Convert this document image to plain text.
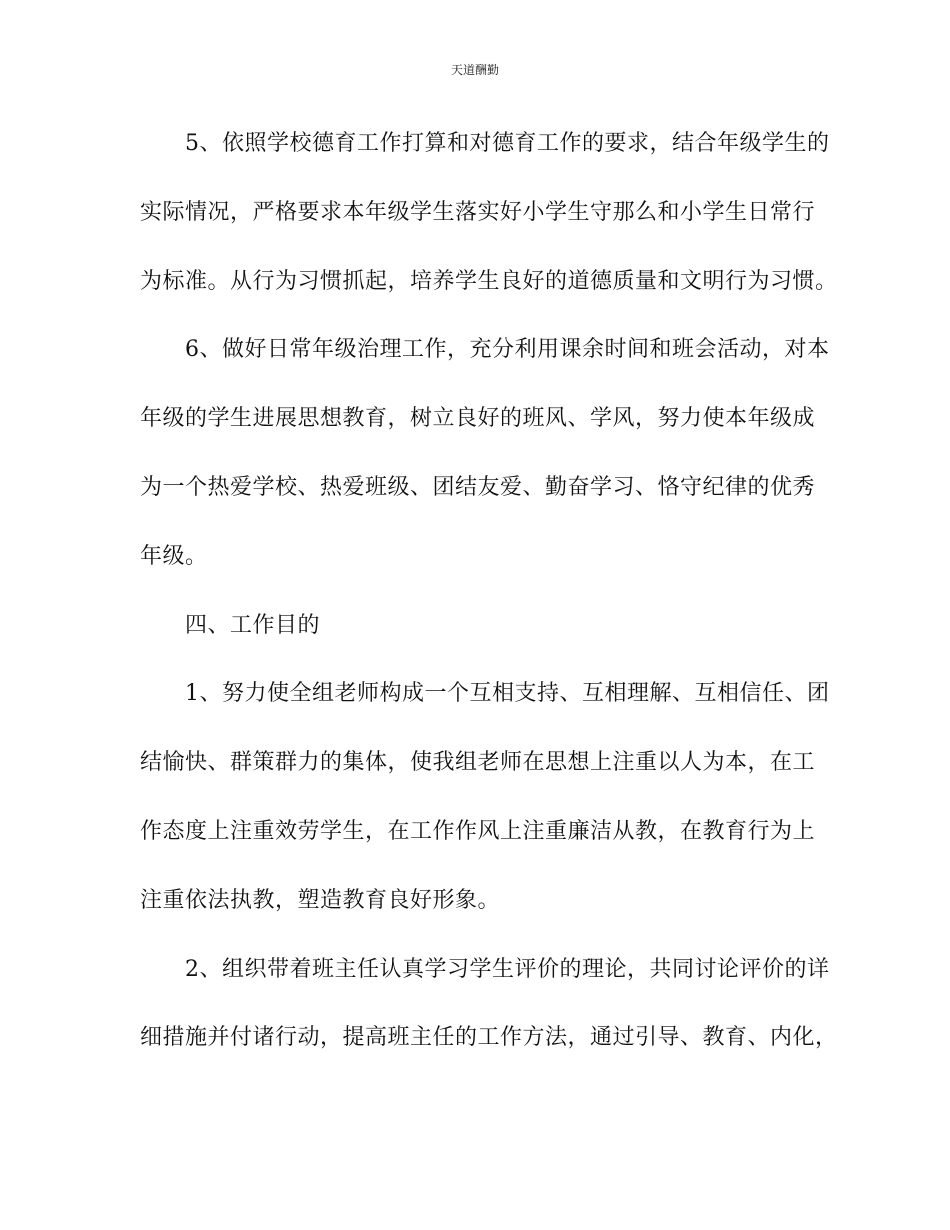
天道酬勤
5、依照学校德育工作打算和对德育工作的要求，结合年级学生的
实际情况，严格要求本年级学生落实好小学生守那么和小学生日常行
为标准。从行为习惯抓起，培养学生良好的道德质量和文明行为习惯。
6、做好日常年级治理工作，充分利用课余时间和班会活动，对本
年级的学生进展思想教育，树立良好的班风、学风，努力使本年级成
为一个热爱学校、热爱班级、团结友爱、勤奋学习、恪守纪律的优秀
年级。
四、工作目的
1、努力使全组老师构成一个互相支持、互相理解、互相信任、团
结愉快、群策群力的集体，使我组老师在思想上注重以人为本，在工
作态度上注重效劳学生，在工作作风上注重廉洁从教，在教育行为上
注重依法执教，塑造教育良好形象。
2、组织带着班主任认真学习学生评价的理论，共同讨论评价的详
细措施并付诸行动，提高班主任的工作方法，通过引导、教育、内化，
